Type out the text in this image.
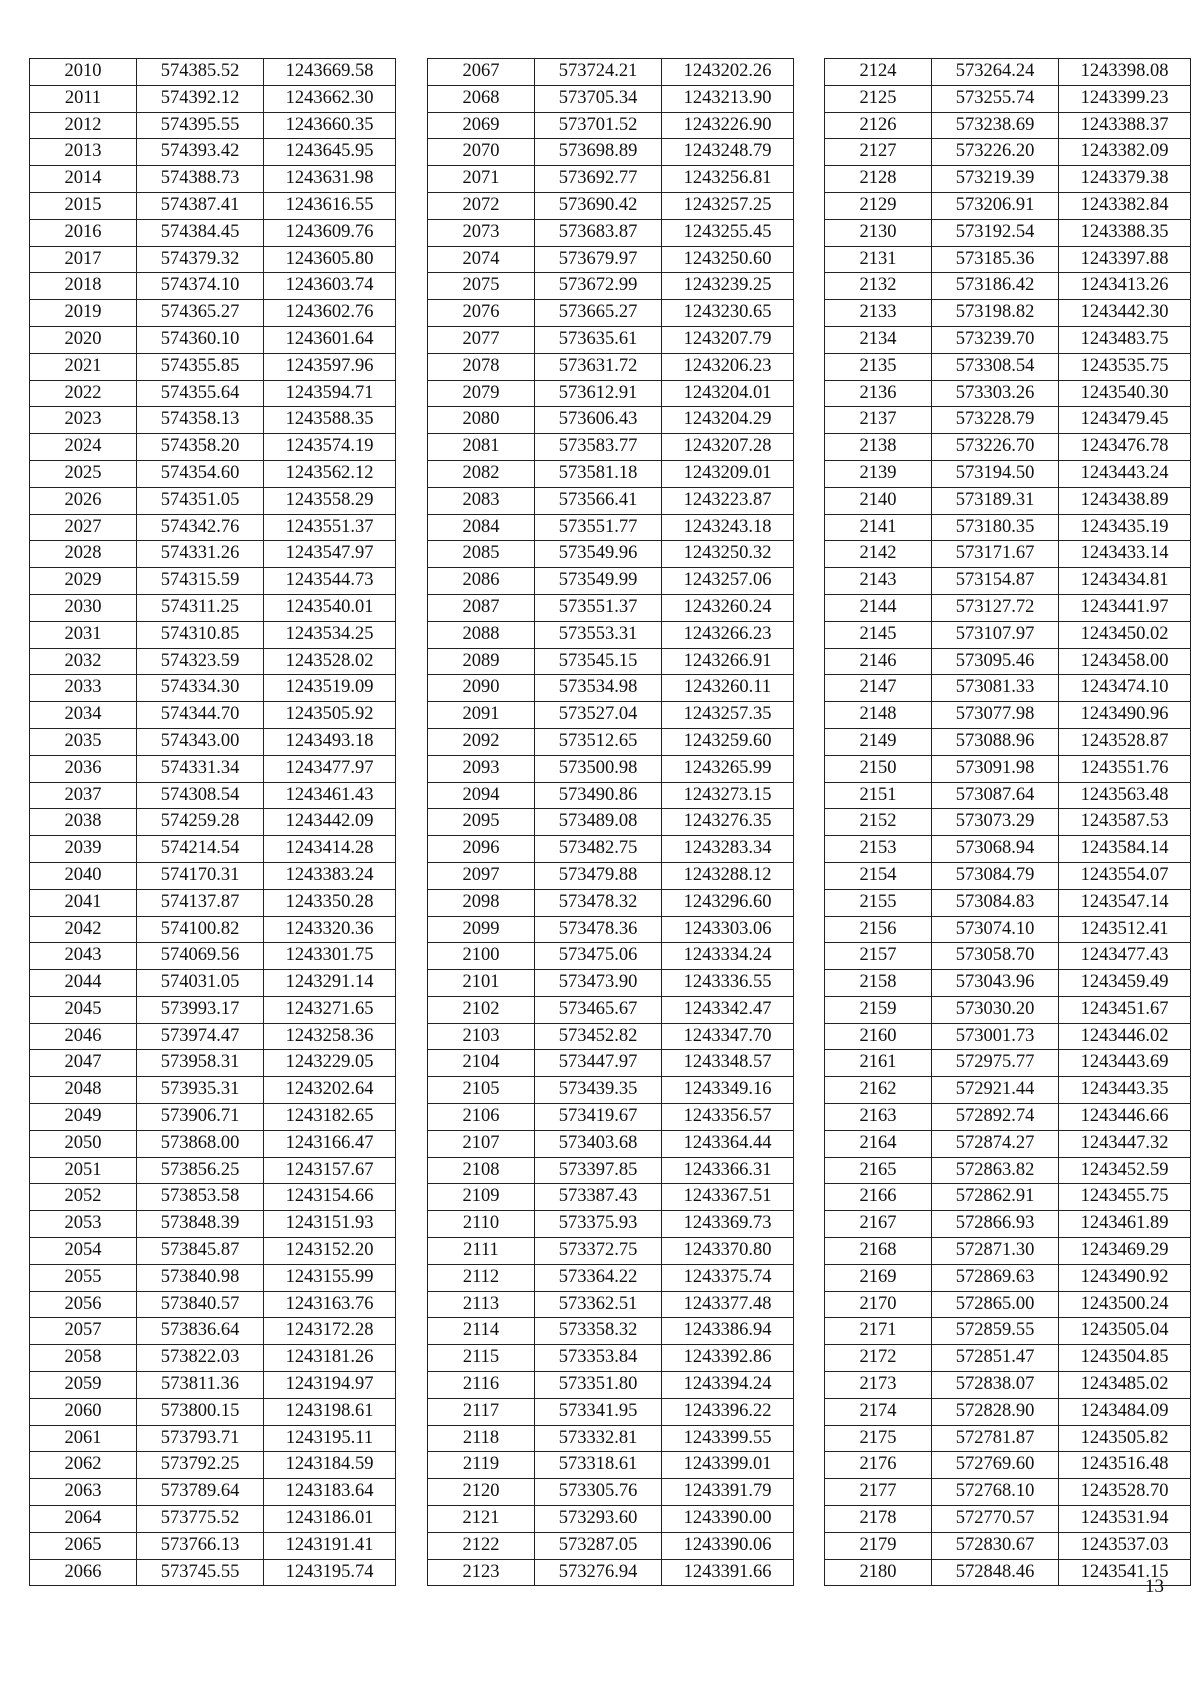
2010	574385.52	1243669.58
2011	574392.12	1243662.30
2012	574395.55	1243660.35
2013	574393.42	1243645.95
2014	574388.73	1243631.98
2015	574387.41	1243616.55
2016	574384.45	1243609.76
2017	574379.32	1243605.80
2018	574374.10	1243603.74
2019	574365.27	1243602.76
2020	574360.10	1243601.64
2021	574355.85	1243597.96
2022	574355.64	1243594.71
2023	574358.13	1243588.35
2024	574358.20	1243574.19
2025	574354.60	1243562.12
2026	574351.05	1243558.29
2027	574342.76	1243551.37
2028	574331.26	1243547.97
2029	574315.59	1243544.73
2030	574311.25	1243540.01
2031	574310.85	1243534.25
2032	574323.59	1243528.02
2033	574334.30	1243519.09
2034	574344.70	1243505.92
2035	574343.00	1243493.18
2036	574331.34	1243477.97
2037	574308.54	1243461.43
2038	574259.28	1243442.09
2039	574214.54	1243414.28
2040	574170.31	1243383.24
2041	574137.87	1243350.28
2042	574100.82	1243320.36
2043	574069.56	1243301.75
2044	574031.05	1243291.14
2045	573993.17	1243271.65
2046	573974.47	1243258.36
2047	573958.31	1243229.05
2048	573935.31	1243202.64
2049	573906.71	1243182.65
2050	573868.00	1243166.47
2051	573856.25	1243157.67
2052	573853.58	1243154.66
2053	573848.39	1243151.93
2054	573845.87	1243152.20
2055	573840.98	1243155.99
2056	573840.57	1243163.76
2057	573836.64	1243172.28
2058	573822.03	1243181.26
2059	573811.36	1243194.97
2060	573800.15	1243198.61
2061	573793.71	1243195.11
2062	573792.25	1243184.59
2063	573789.64	1243183.64
2064	573775.52	1243186.01
2065	573766.13	1243191.41
2066	573745.55	1243195.74
2067	573724.21	1243202.26
2068	573705.34	1243213.90
2069	573701.52	1243226.90
2070	573698.89	1243248.79
2071	573692.77	1243256.81
2072	573690.42	1243257.25
2073	573683.87	1243255.45
2074	573679.97	1243250.60
2075	573672.99	1243239.25
2076	573665.27	1243230.65
2077	573635.61	1243207.79
2078	573631.72	1243206.23
2079	573612.91	1243204.01
2080	573606.43	1243204.29
2081	573583.77	1243207.28
2082	573581.18	1243209.01
2083	573566.41	1243223.87
2084	573551.77	1243243.18
2085	573549.96	1243250.32
2086	573549.99	1243257.06
2087	573551.37	1243260.24
2088	573553.31	1243266.23
2089	573545.15	1243266.91
2090	573534.98	1243260.11
2091	573527.04	1243257.35
2092	573512.65	1243259.60
2093	573500.98	1243265.99
2094	573490.86	1243273.15
2095	573489.08	1243276.35
2096	573482.75	1243283.34
2097	573479.88	1243288.12
2098	573478.32	1243296.60
2099	573478.36	1243303.06
2100	573475.06	1243334.24
2101	573473.90	1243336.55
2102	573465.67	1243342.47
2103	573452.82	1243347.70
2104	573447.97	1243348.57
2105	573439.35	1243349.16
2106	573419.67	1243356.57
2107	573403.68	1243364.44
2108	573397.85	1243366.31
2109	573387.43	1243367.51
2110	573375.93	1243369.73
2111	573372.75	1243370.80
2112	573364.22	1243375.74
2113	573362.51	1243377.48
2114	573358.32	1243386.94
2115	573353.84	1243392.86
2116	573351.80	1243394.24
2117	573341.95	1243396.22
2118	573332.81	1243399.55
2119	573318.61	1243399.01
2120	573305.76	1243391.79
2121	573293.60	1243390.00
2122	573287.05	1243390.06
2123	573276.94	1243391.66
2124	573264.24	1243398.08
2125	573255.74	1243399.23
2126	573238.69	1243388.37
2127	573226.20	1243382.09
2128	573219.39	1243379.38
2129	573206.91	1243382.84
2130	573192.54	1243388.35
2131	573185.36	1243397.88
2132	573186.42	1243413.26
2133	573198.82	1243442.30
2134	573239.70	1243483.75
2135	573308.54	1243535.75
2136	573303.26	1243540.30
2137	573228.79	1243479.45
2138	573226.70	1243476.78
2139	573194.50	1243443.24
2140	573189.31	1243438.89
2141	573180.35	1243435.19
2142	573171.67	1243433.14
2143	573154.87	1243434.81
2144	573127.72	1243441.97
2145	573107.97	1243450.02
2146	573095.46	1243458.00
2147	573081.33	1243474.10
2148	573077.98	1243490.96
2149	573088.96	1243528.87
2150	573091.98	1243551.76
2151	573087.64	1243563.48
2152	573073.29	1243587.53
2153	573068.94	1243584.14
2154	573084.79	1243554.07
2155	573084.83	1243547.14
2156	573074.10	1243512.41
2157	573058.70	1243477.43
2158	573043.96	1243459.49
2159	573030.20	1243451.67
2160	573001.73	1243446.02
2161	572975.77	1243443.69
2162	572921.44	1243443.35
2163	572892.74	1243446.66
2164	572874.27	1243447.32
2165	572863.82	1243452.59
2166	572862.91	1243455.75
2167	572866.93	1243461.89
2168	572871.30	1243469.29
2169	572869.63	1243490.92
2170	572865.00	1243500.24
2171	572859.55	1243505.04
2172	572851.47	1243504.85
2173	572838.07	1243485.02
2174	572828.90	1243484.09
2175	572781.87	1243505.82
2176	572769.60	1243516.48
2177	572768.10	1243528.70
2178	572770.57	1243531.94
2179	572830.67	1243537.03
2180	572848.46	1243541.15
13
